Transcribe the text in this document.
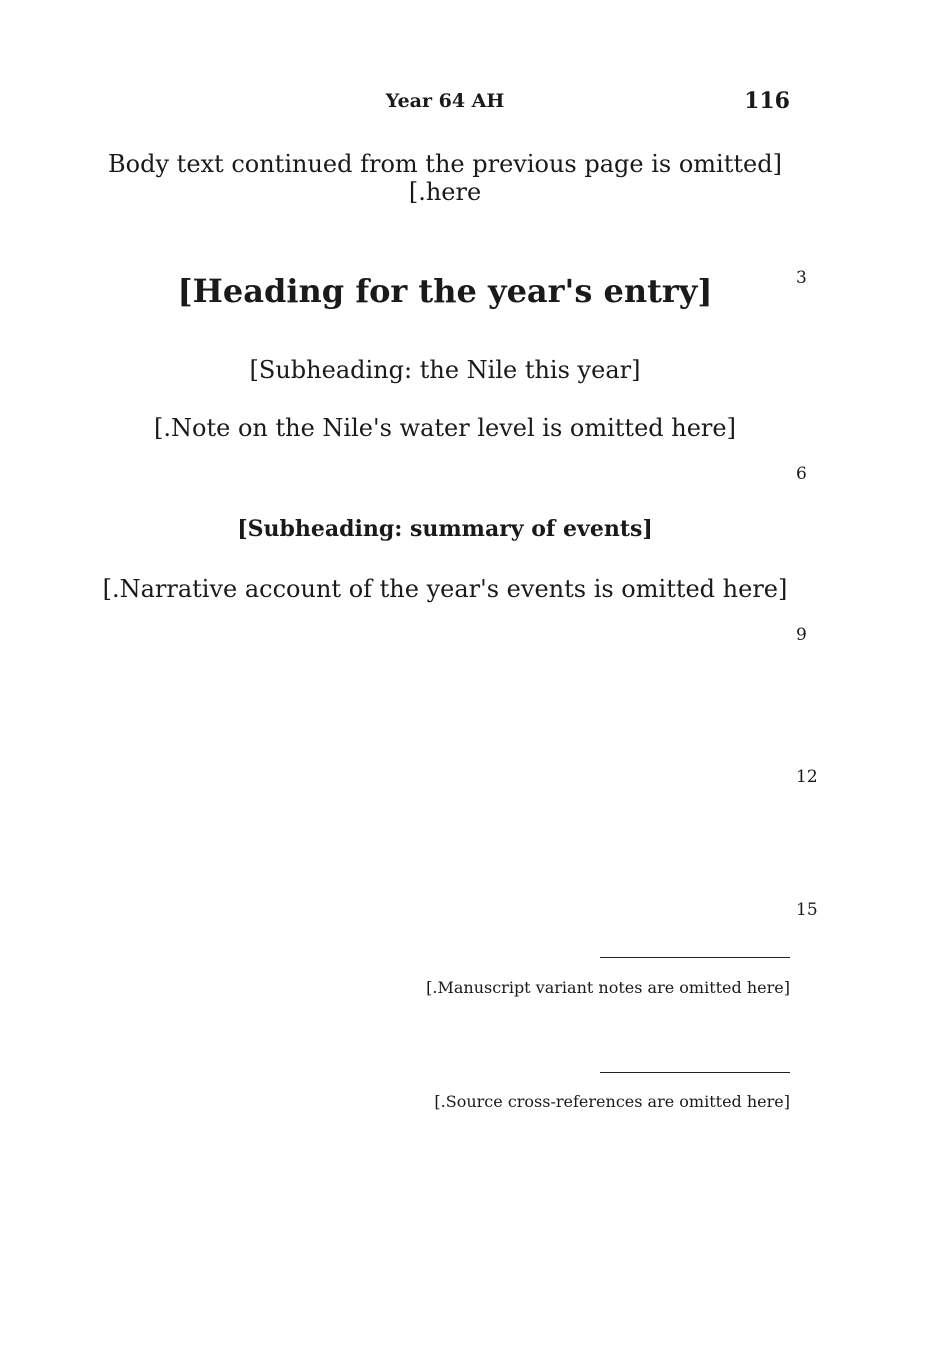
116
Year 64 AH
[Body text continued from the previous page is omitted here.]
3
[Heading for the year's entry]
[Subheading: the Nile this year]
[Note on the Nile's water level is omitted here.]
6
[Subheading: summary of events]
[Narrative account of the year's events is omitted here.]
9
12
15
[Manuscript variant notes are omitted here.]
[Source cross-references are omitted here.]
